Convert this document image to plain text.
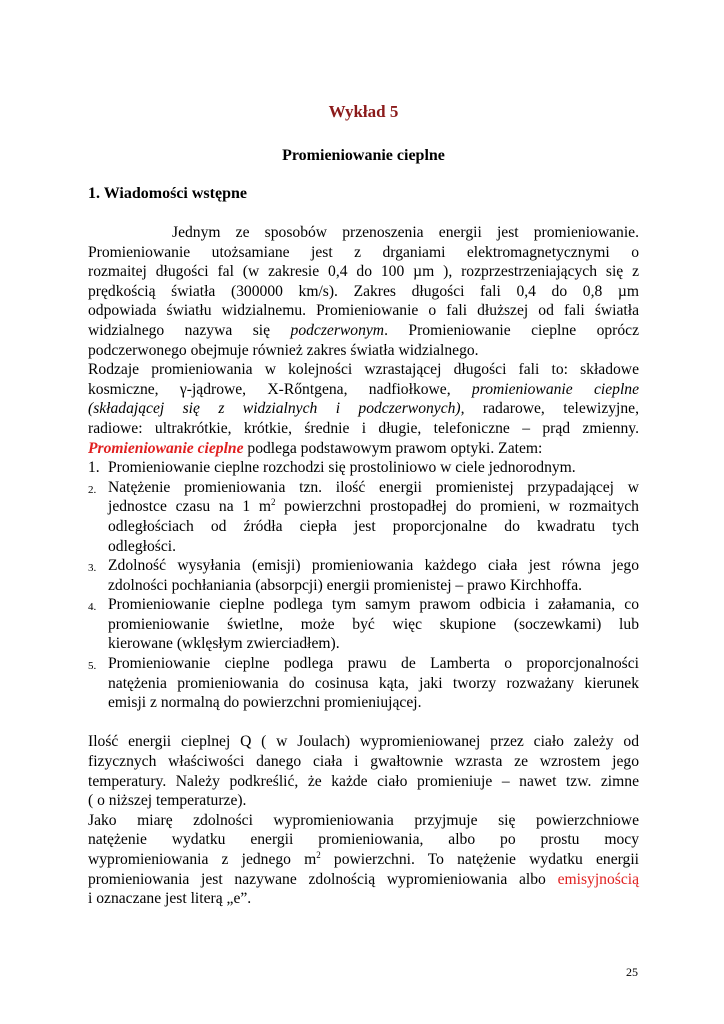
Wykład 5
Promieniowanie cieplne
1. Wiadomości wstępne

Jednym ze sposobów przenoszenia energii jest promieniowanie.

Promieniowanie utożsamiane jest z drganiami elektromagnetycznymi o

rozmaitej długości fal (w zakresie 0,4 do 100 µm ), rozprzestrzeniających się z

prędkością światła (300000 km/s). Zakres długości fali 0,4 do 0,8 µm

odpowiada światłu widzialnemu. Promieniowanie o fali dłuższej od fali światła

widzialnego nazywa się podczerwonym. Promieniowanie cieplne oprócz

podczerwonego obejmuje również zakres światła widzialnego.

Rodzaje promieniowania w kolejności wzrastającej długości fali to: składowe

kosmiczne, γ-jądrowe, X-Rőntgena, nadfiołkowe, promieniowanie cieplne

(składającej się z widzialnych i podczerwonych), radarowe, telewizyjne,

radiowe: ultrakrótkie, krótkie, średnie i długie, telefoniczne – prąd zmienny.

Promieniowanie cieplne podlega podstawowym prawom optyki. Zatem:

1. Promieniowanie cieplne rozchodzi się prostoliniowo w ciele jednorodnym.

2. Natężenie promieniowania tzn. ilość energii promienistej przypadającej w

jednostce czasu na 1 $m^2$ powierzchni prostopadłej do promieni, w rozmaitych

odległościach od źródła ciepła jest proporcjonalne do kwadratu tych

odległości.

3. Zdolność wysyłania (emisji) promieniowania każdego ciała jest równa jego

zdolności pochłaniania (absorpcji) energii promienistej – prawo Kirchhoffa.

4. Promieniowanie cieplne podlega tym samym prawom odbicia i załamania, co

promieniowanie świetlne, może być więc skupione (soczewkami) lub

kierowane (wklęsłym zwierciadłem).

5. Promieniowanie cieplne podlega prawu de Lamberta o proporcjonalności

natężenia promieniowania do cosinusa kąta, jaki tworzy rozważany kierunek

emisji z normalną do powierzchni promieniującej.

Ilość energii cieplnej Q ( w Joulach) wypromieniowanej przez ciało zależy od

fizycznych właściwości danego ciała i gwałtownie wzrasta ze wzrostem jego

temperatury. Należy podkreślić, że każde ciało promieniuje – nawet tzw. zimne

( o niższej temperaturze).

Jako miarę zdolności wypromieniowania przyjmuje się powierzchniowe

natężenie wydatku energii promieniowania, albo po prostu mocy

wypromieniowania z jednego $m^2$ powierzchni. To natężenie wydatku energii

promieniowania jest nazywane zdolnością wypromieniowania albo emisyjnością

i oznaczane jest literą „e”.

25
